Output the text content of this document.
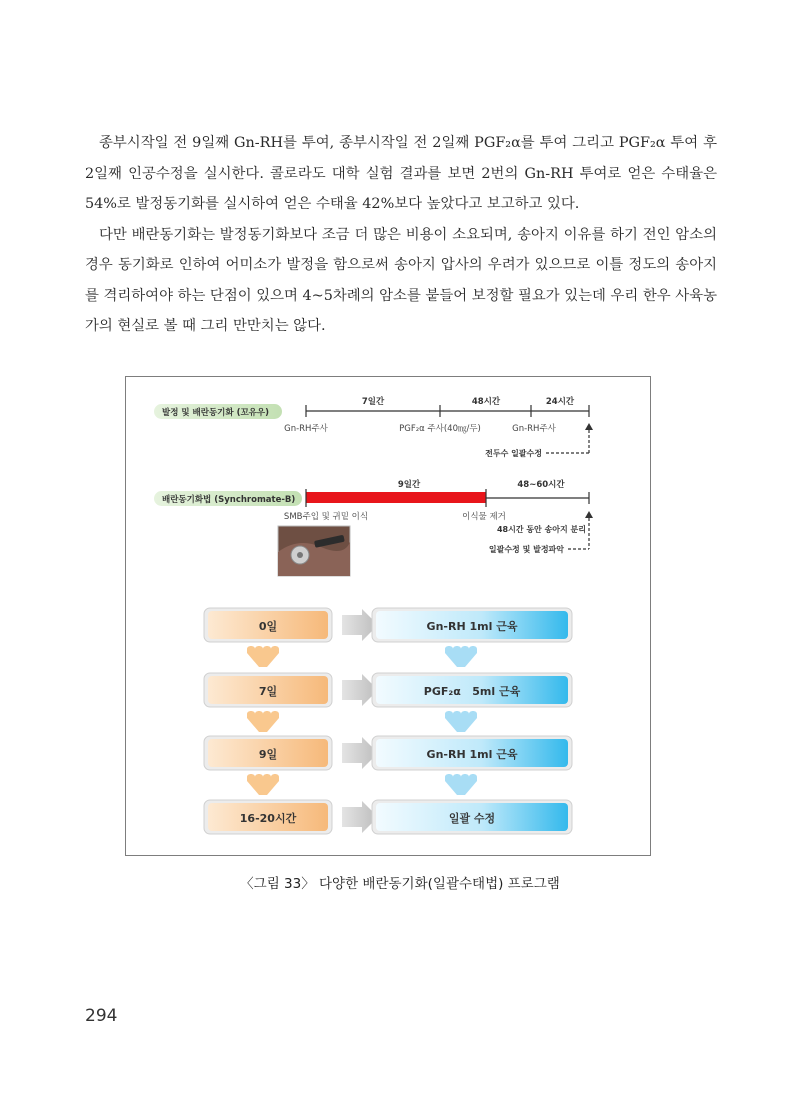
종부시작일 전 9일째 Gn-RH를 투여, 종부시작일 전 2일째 PGF₂α를 투여 그리고 PGF₂α 투여 후 2일째 인공수정을 실시한다. 콜로라도 대학 실험 결과를 보면 2번의 Gn-RH 투여로 얻은 수태율은 54%로 발정동기화를 실시하여 얻은 수태율 42%보다 높았다고 보고하고 있다.

다만 배란동기화는 발정동기화보다 조금 더 많은 비용이 소요되며, 송아지 이유를 하기 전인 암소의 경우 동기화로 인하여 어미소가 발정을 함으로써 송아지 압사의 우려가 있으므로 이틀 정도의 송아지를 격리하여야 하는 단점이 있으며 4~5차례의 암소를 붙들어 보정할 필요가 있는데 우리 한우 사육농가의 현실로 볼 때 그리 만만치는 않다.

발정 및 배란동기화 (꼬유우)
7일간	48시간	24시간
Gn-RH주사	PGF₂α 주사(40㎎/두)	Gn-RH주사
전두수 일괄수정
배란동기화법 (Synchromate-B)
9일간	48~60시간
SMB주입 및 귀밑 이식	이식물 제거
48시간 동안 송아지 분리
일괄수정 및 발정파악
0일	Gn-RH 1ml 근육
7일	PGF₂α   5ml 근육
9일	Gn-RH 1ml 근육
16-20시간	일괄 수정
〈그림 33〉 다양한 배란동기화(일괄수태법) 프로그램
294
